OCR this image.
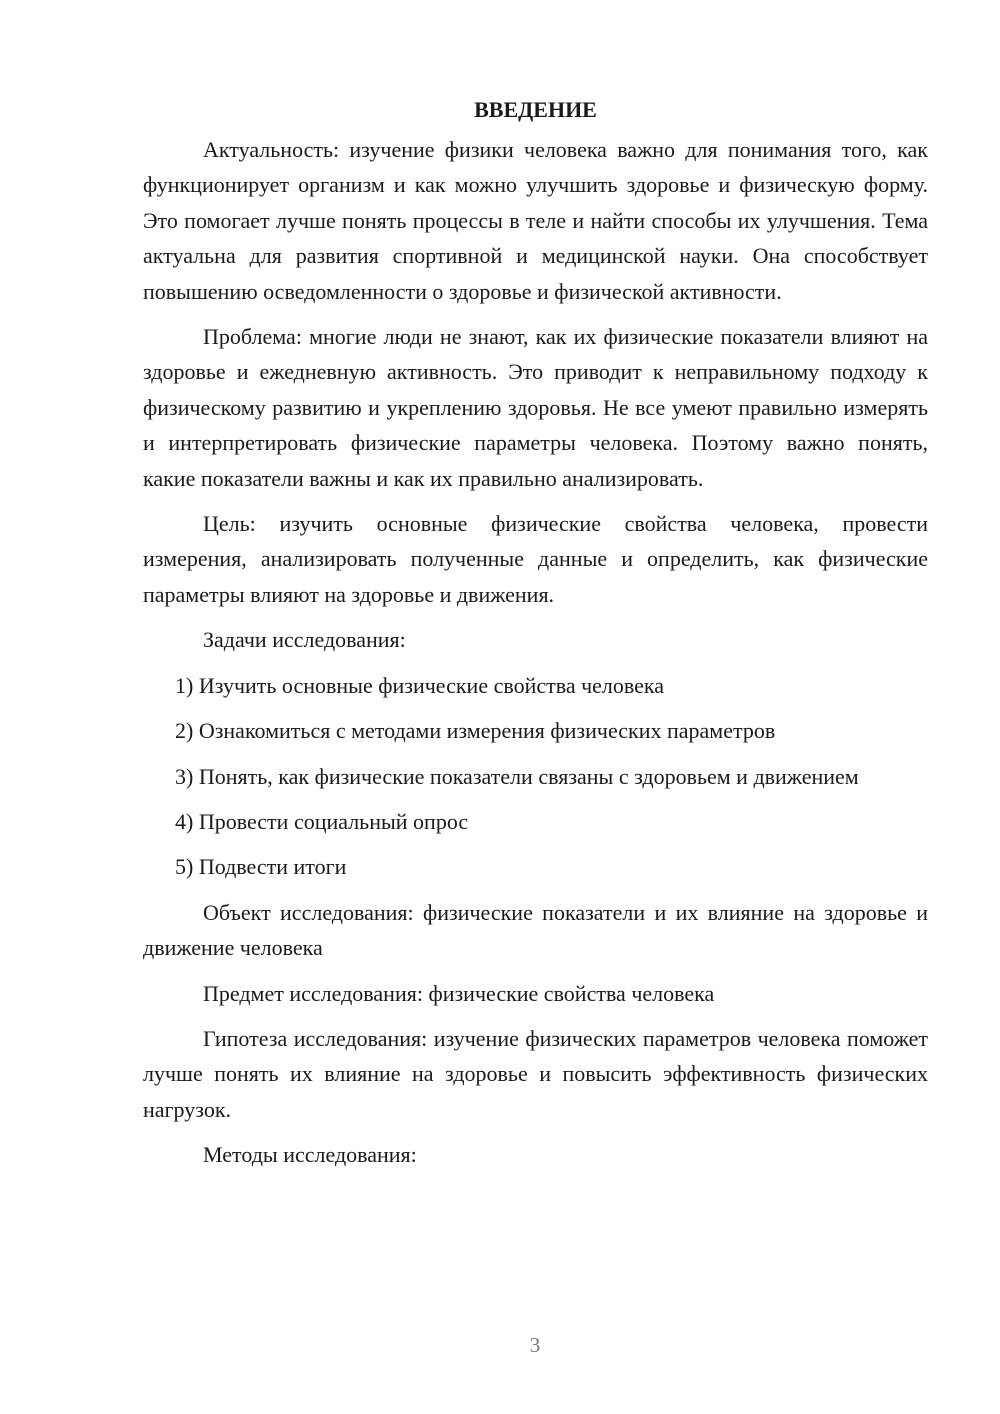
ВВЕДЕНИЕ

Актуальность: изучение физики человека важно для понимания того, как функционирует организм и как можно улучшить здоровье и физическую форму. Это помогает лучше понять процессы в теле и найти способы их улучшения. Тема актуальна для развития спортивной и медицинской науки. Она способствует повышению осведомленности о здоровье и физической активности.

Проблема: многие люди не знают, как их физические показатели влияют на здоровье и ежедневную активность. Это приводит к неправильному подходу к физическому развитию и укреплению здоровья. Не все умеют правильно измерять и интерпретировать физические параметры человека. Поэтому важно понять, какие показатели важны и как их правильно анализировать.

Цель: изучить основные физические свойства человека, провести измерения, анализировать полученные данные и определить, как физические параметры влияют на здоровье и движения.

Задачи исследования:

1) Изучить основные физические свойства человека

2) Ознакомиться с методами измерения физических параметров

3) Понять, как физические показатели связаны с здоровьем и движением

4) Провести социальный опрос

5) Подвести итоги

Объект исследования: физические показатели и их влияние на здоровье и движение человека

Предмет исследования: физические свойства человека

Гипотеза исследования: изучение физических параметров человека поможет лучше понять их влияние на здоровье и повысить эффективность физических нагрузок.

Методы исследования:

3
